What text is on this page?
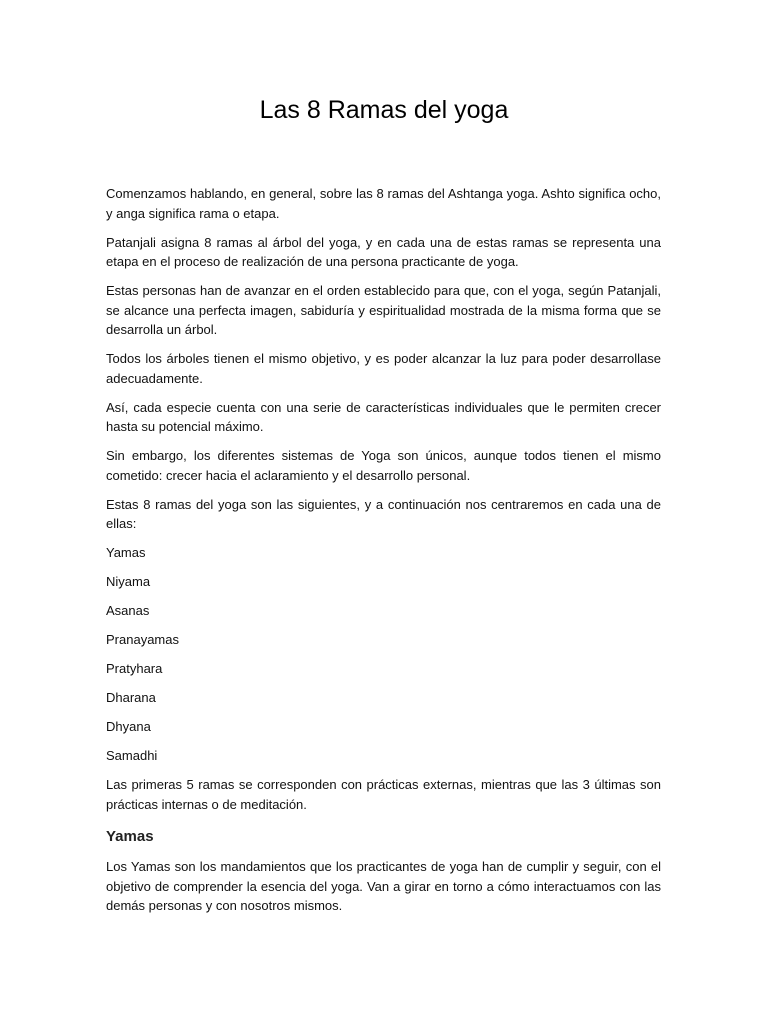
Las 8 Ramas del yoga

Comenzamos hablando, en general, sobre las 8 ramas del Ashtanga yoga. Ashto significa ocho, y anga significa rama o etapa.

Patanjali asigna 8 ramas al árbol del yoga, y en cada una de estas ramas se representa una etapa en el proceso de realización de una persona practicante de yoga.

Estas personas han de avanzar en el orden establecido para que, con el yoga, según Patanjali, se alcance una perfecta imagen, sabiduría y espiritualidad mostrada de la misma forma que se desarrolla un árbol.

Todos los árboles tienen el mismo objetivo, y es poder alcanzar la luz para poder desarrollase adecuadamente.

Así, cada especie cuenta con una serie de características individuales que le permiten crecer hasta su potencial máximo.

Sin embargo, los diferentes sistemas de Yoga son únicos, aunque todos tienen el mismo cometido: crecer hacia el aclaramiento y el desarrollo personal.

Estas 8 ramas del yoga son las siguientes, y a continuación nos centraremos en cada una de ellas:

Yamas
Niyama
Asanas
Pranayamas
Pratyhara
Dharana
Dhyana
Samadhi

Las primeras 5 ramas se corresponden con prácticas externas, mientras que las 3 últimas son prácticas internas o de meditación.

Yamas

Los Yamas son los mandamientos que los practicantes de yoga han de cumplir y seguir, con el objetivo de comprender la esencia del yoga. Van a girar en torno a cómo interactuamos con las demás personas y con nosotros mismos.
